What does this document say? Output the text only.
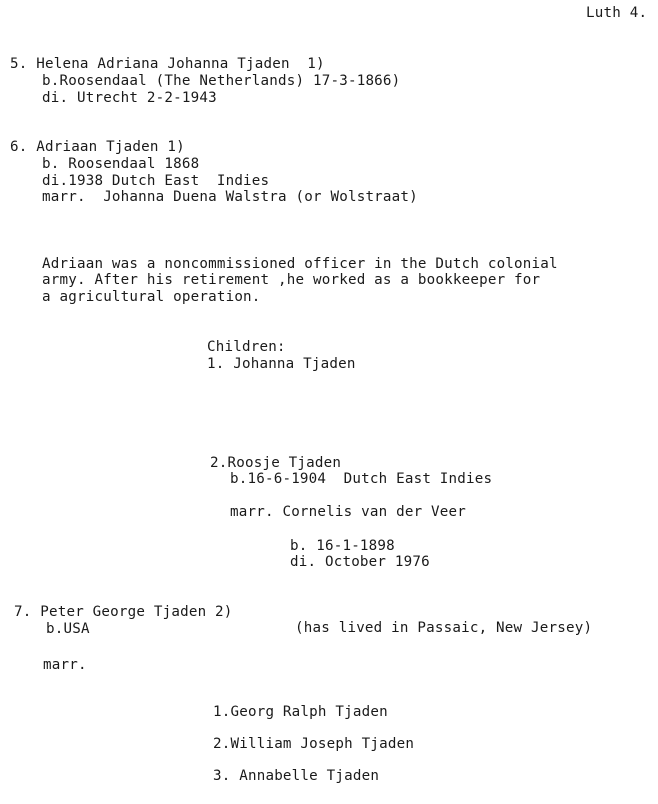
Luth 4.
5. Helena Adriana Johanna Tjaden  1)
b.Roosendaal (The Netherlands) 17-3-1866)
di. Utrecht 2-2-1943
6. Adriaan Tjaden 1)
b. Roosendaal 1868
di.1938 Dutch East  Indies
marr.  Johanna Duena Walstra (or Wolstraat)
Adriaan was a noncommissioned officer in the Dutch colonial
army. After his retirement ,he worked as a bookkeeper for
a agricultural operation.
Children:
1. Johanna Tjaden
2.Roosje Tjaden
b.16-6-1904  Dutch East Indies
marr. Cornelis van der Veer
b. 16-1-1898
di. October 1976
7. Peter George Tjaden 2)
b.USA	(has lived in Passaic, New Jersey)
marr.
1.Georg Ralph Tjaden
2.William Joseph Tjaden
3. Annabelle Tjaden
